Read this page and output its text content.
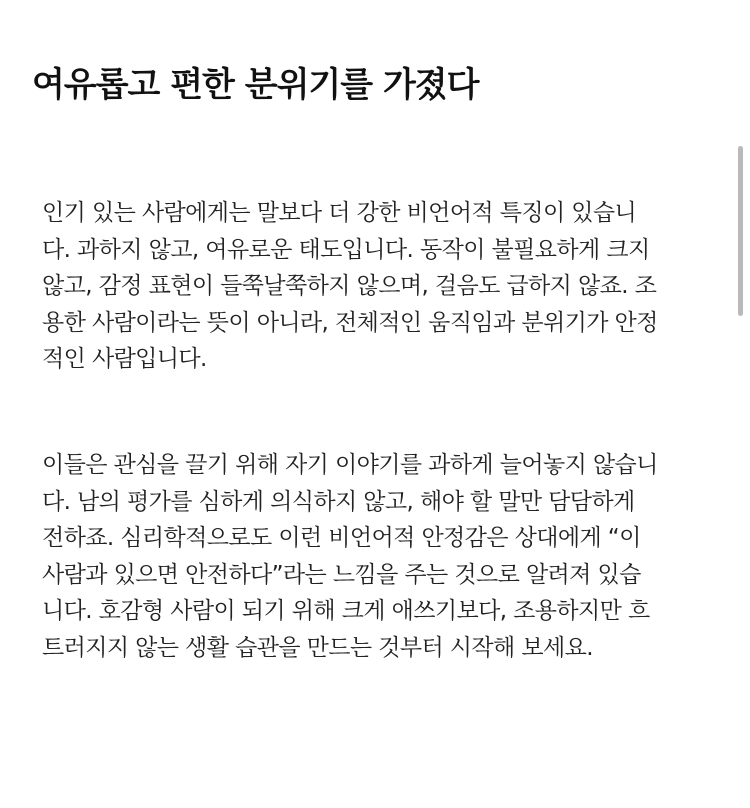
여유롭고 편한 분위기를 가졌다

인기 있는 사람에게는 말보다 더 강한 비언어적 특징이 있습니
다. 과하지 않고, 여유로운 태도입니다. 동작이 불필요하게 크지
않고, 감정 표현이 들쭉날쭉하지 않으며, 걸음도 급하지 않죠. 조
용한 사람이라는 뜻이 아니라, 전체적인 움직임과 분위기가 안정
적인 사람입니다.

이들은 관심을 끌기 위해 자기 이야기를 과하게 늘어놓지 않습니
다. 남의 평가를 심하게 의식하지 않고, 해야 할 말만 담담하게
전하죠. 심리학적으로도 이런 비언어적 안정감은 상대에게 “이
사람과 있으면 안전하다”라는 느낌을 주는 것으로 알려져 있습
니다. 호감형 사람이 되기 위해 크게 애쓰기보다, 조용하지만 흐
트러지지 않는 생활 습관을 만드는 것부터 시작해 보세요.
